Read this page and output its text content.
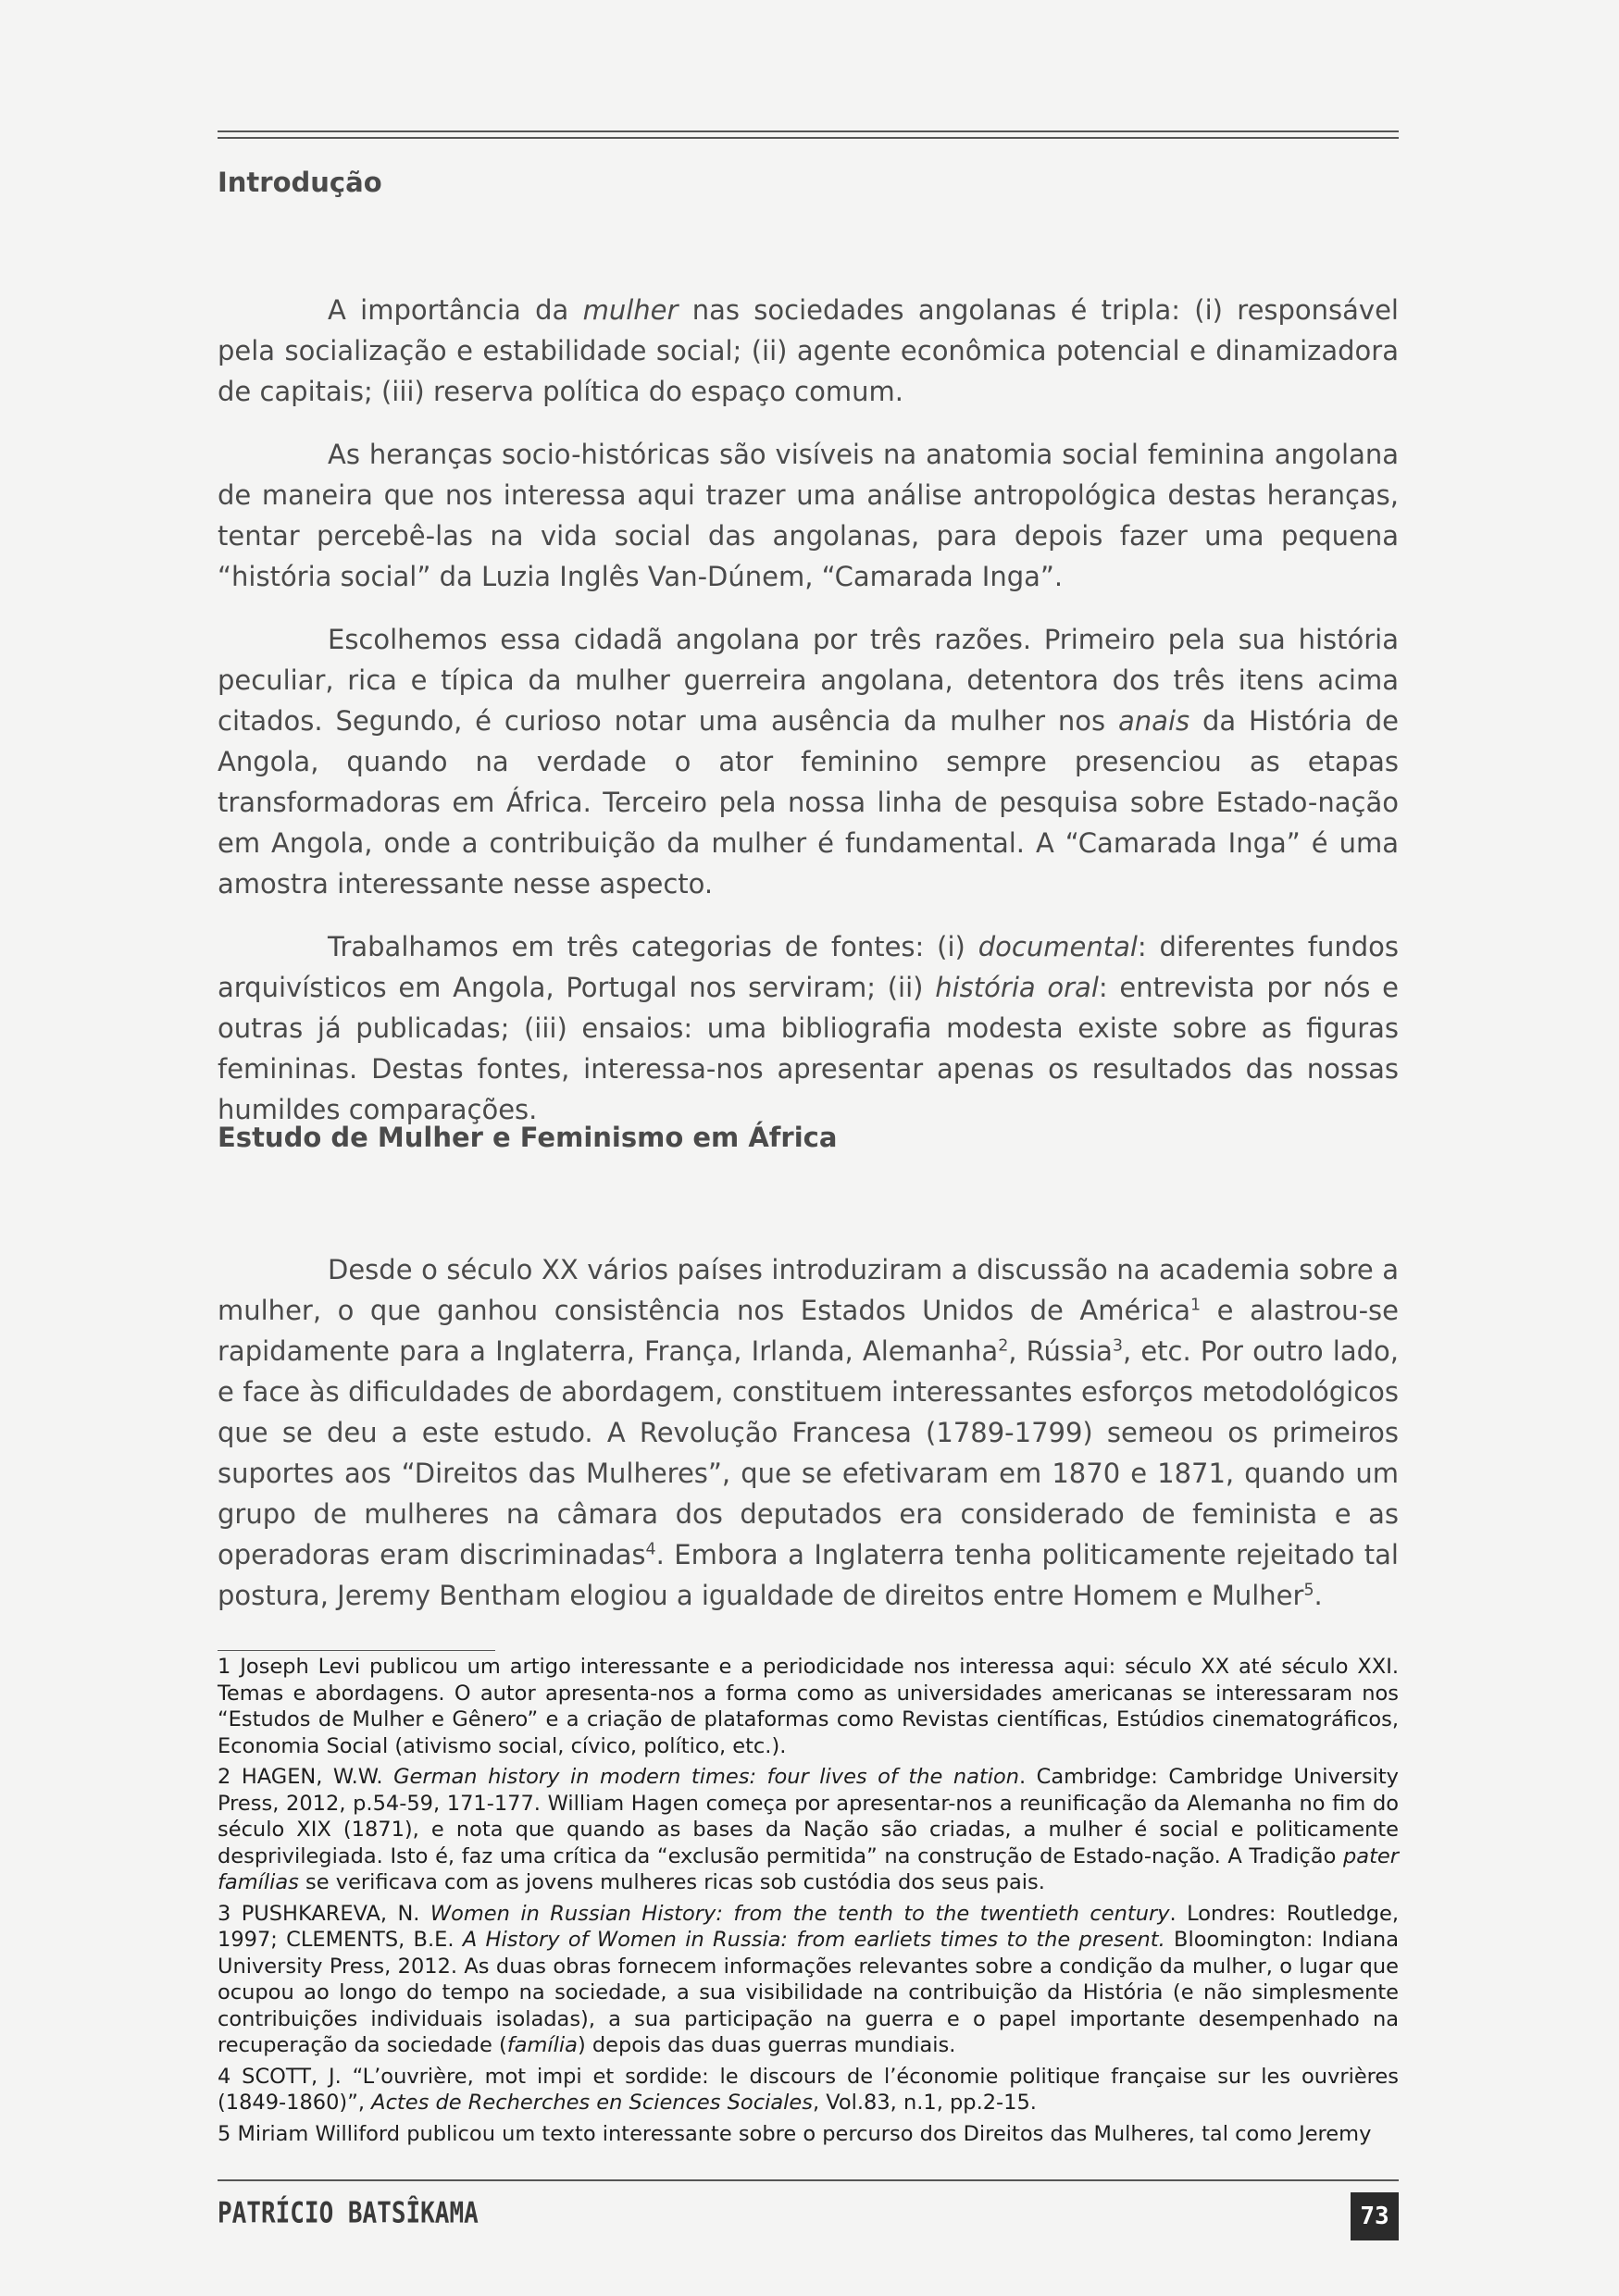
Introdução

A importância da mulher nas sociedades angolanas é tripla: (i) responsável pela socialização e estabilidade social; (ii) agente econômica potencial e dinamizadora de capitais; (iii) reserva política do espaço comum.

As heranças socio-históricas são visíveis na anatomia social feminina angolana de maneira que nos interessa aqui trazer uma análise antropológica destas heranças, tentar percebê-las na vida social das angolanas, para depois fazer uma pequena “história social” da Luzia Inglês Van-Dúnem, “Camarada Inga”.

Escolhemos essa cidadã angolana por três razões. Primeiro pela sua história peculiar, rica e típica da mulher guerreira angolana, detentora dos três itens acima citados. Segundo, é curioso notar uma ausência da mulher nos anais da História de Angola, quando na verdade o ator feminino sempre presenciou as etapas transformadoras em África. Terceiro pela nossa linha de pesquisa sobre Estado-nação em Angola, onde a contribuição da mulher é fundamental. A “Camarada Inga” é uma amostra interessante nesse aspecto.

Trabalhamos em três categorias de fontes: (i) documental: diferentes fundos arquivísticos em Angola, Portugal nos serviram; (ii) história oral: entrevista por nós e outras já publicadas; (iii) ensaios: uma bibliografia modesta existe sobre as figuras femininas. Destas fontes, interessa-nos apresentar apenas os resultados das nossas humildes comparações.

Estudo de Mulher e Feminismo em África

Desde o século XX vários países introduziram a discussão na academia sobre a mulher, o que ganhou consistência nos Estados Unidos de América$^1$ e alastrou-se rapidamente para a Inglaterra, França, Irlanda, Alemanha$^2$, Rússia$^3$, etc. Por outro lado, e face às dificuldades de abordagem, constituem interessantes esforços metodológicos que se deu a este estudo. A Revolução Francesa (1789-1799) semeou os primeiros suportes aos “Direitos das Mulheres”, que se efetivaram em 1870 e 1871, quando um grupo de mulheres na câmara dos deputados era considerado de feminista e as operadoras eram discriminadas$^4$. Embora a Inglaterra tenha politicamente rejeitado tal postura, Jeremy Bentham elogiou a igualdade de direitos entre Homem e Mulher$^5$.

1 Joseph Levi publicou um artigo interessante e a periodicidade nos interessa aqui: século XX até século XXI. Temas e abordagens. O autor apresenta-nos a forma como as universidades americanas se interessaram nos “Estudos de Mulher e Gênero” e a criação de plataformas como Revistas científicas, Estúdios cinematográficos, Economia Social (ativismo social, cívico, político, etc.).

2 HAGEN, W.W. German history in modern times: four lives of the nation. Cambridge: Cambridge University Press, 2012, p.54-59, 171-177. William Hagen começa por apresentar-nos a reunificação da Alemanha no fim do século XIX (1871), e nota que quando as bases da Nação são criadas, a mulher é social e politicamente desprivilegiada. Isto é, faz uma crítica da “exclusão permitida” na construção de Estado-nação. A Tradição pater famílias se verificava com as jovens mulheres ricas sob custódia dos seus pais.

3 PUSHKAREVA, N. Women in Russian History: from the tenth to the twentieth century. Londres: Routledge, 1997; CLEMENTS, B.E. A History of Women in Russia: from earliets times to the present. Bloomington: Indiana University Press, 2012. As duas obras fornecem informações relevantes sobre a condição da mulher, o lugar que ocupou ao longo do tempo na sociedade, a sua visibilidade na contribuição da História (e não simplesmente contribuições individuais isoladas), a sua participação na guerra e o papel importante desempenhado na recuperação da sociedade (família) depois das duas guerras mundiais.

4 SCOTT, J. “L’ouvrière, mot impi et sordide: le discours de l’économie politique française sur les ouvrières (1849-1860)”, Actes de Recherches en Sciences Sociales, Vol.83, n.1, pp.2-15.

5 Miriam Williford publicou um texto interessante sobre o percurso dos Direitos das Mulheres, tal como Jeremy

PATRÍCIO BATSÎKAMA	73
